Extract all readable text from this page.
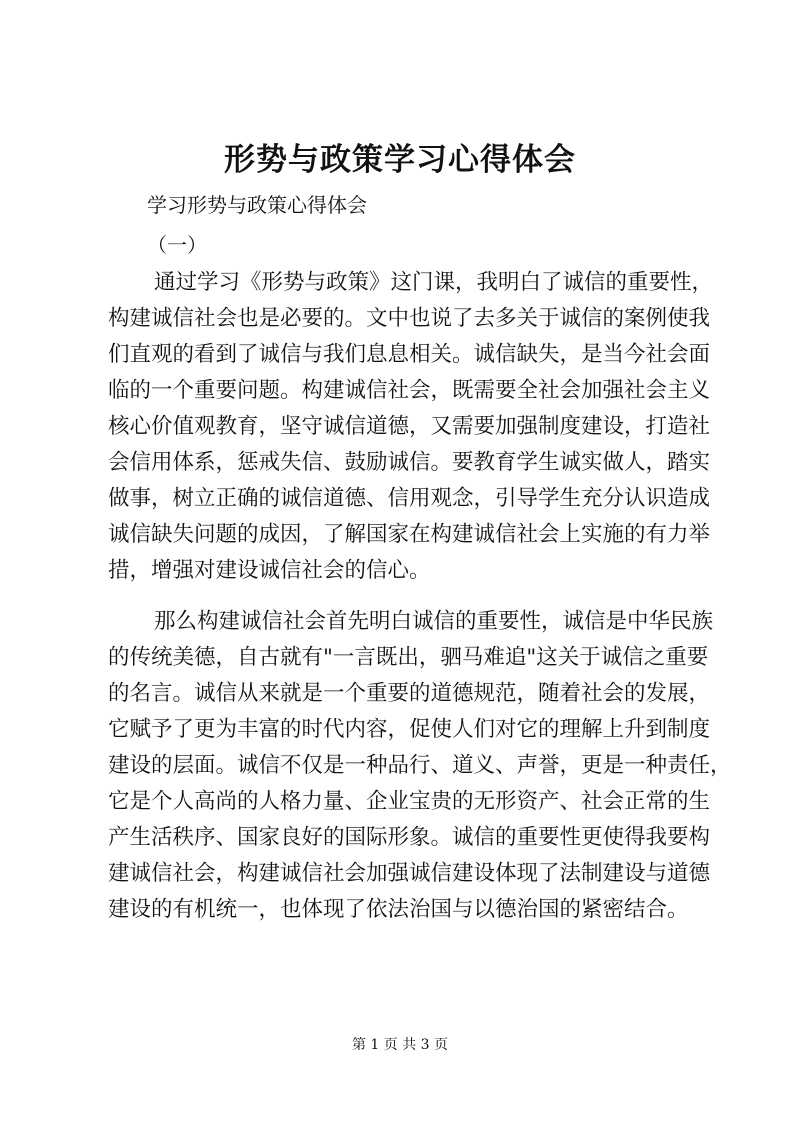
形势与政策学习心得体会
学习形势与政策心得体会
（一）
通过学习《形势与政策》这门课，我明白了诚信的重要性，
构建诚信社会也是必要的。文中也说了去多关于诚信的案例使我
们直观的看到了诚信与我们息息相关。诚信缺失，是当今社会面
临的一个重要问题。构建诚信社会，既需要全社会加强社会主义
核心价值观教育，坚守诚信道德，又需要加强制度建设，打造社
会信用体系，惩戒失信、鼓励诚信。要教育学生诚实做人，踏实
做事，树立正确的诚信道德、信用观念，引导学生充分认识造成
诚信缺失问题的成因，了解国家在构建诚信社会上实施的有力举
措，增强对建设诚信社会的信心。
那么构建诚信社会首先明白诚信的重要性，诚信是中华民族
的传统美德，自古就有"一言既出，驷马难追"这关于诚信之重要
的名言。诚信从来就是一个重要的道德规范，随着社会的发展，
它赋予了更为丰富的时代内容，促使人们对它的理解上升到制度
建设的层面。诚信不仅是一种品行、道义、声誉，更是一种责任，
它是个人高尚的人格力量、企业宝贵的无形资产、社会正常的生
产生活秩序、国家良好的国际形象。诚信的重要性更使得我要构
建诚信社会，构建诚信社会加强诚信建设体现了法制建设与道德
建设的有机统一，也体现了依法治国与以德治国的紧密结合。
第 1 页 共 3 页
